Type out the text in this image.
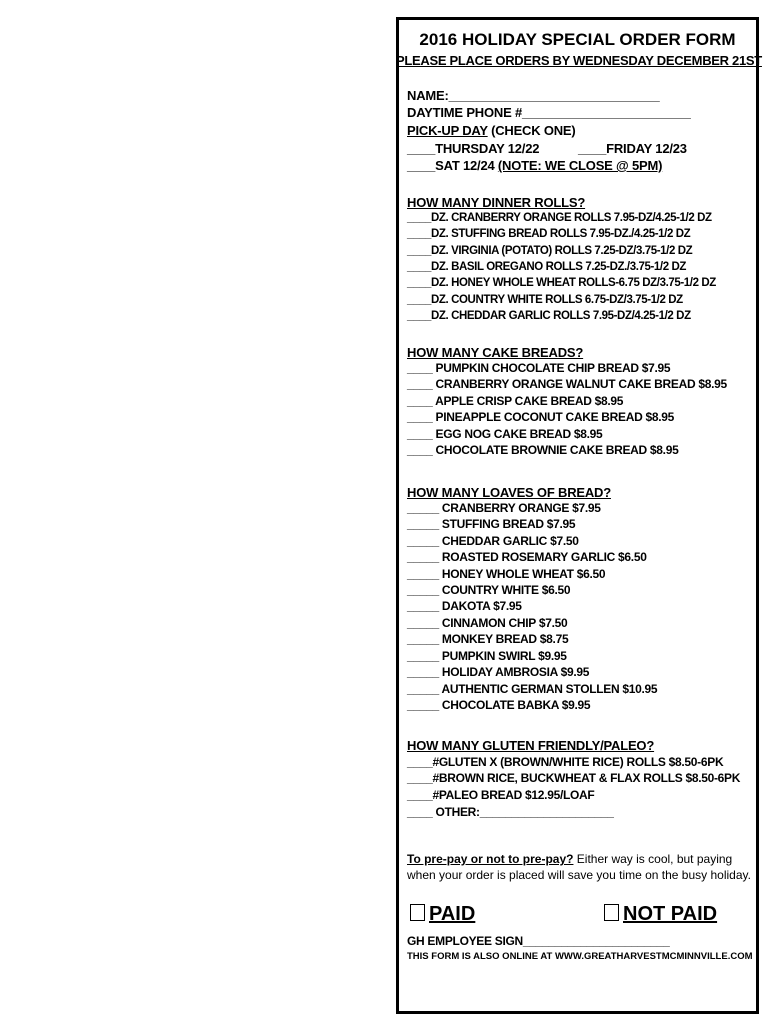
2016 HOLIDAY SPECIAL ORDER FORM
PLEASE PLACE ORDERS BY WEDNESDAY DECEMBER 21ST
NAME:______________________________
DAYTIME PHONE #________________________
PICK-UP DAY (CHECK ONE)
____THURSDAY 12/22	____FRIDAY 12/23
____SAT 12/24 (NOTE: WE CLOSE @ 5PM)
HOW MANY DINNER ROLLS?
____DZ. CRANBERRY ORANGE ROLLS 7.95-DZ/4.25-1/2 DZ
____DZ. STUFFING BREAD ROLLS 7.95-DZ./4.25-1/2 DZ
____DZ. VIRGINIA (POTATO) ROLLS 7.25-DZ/3.75-1/2 DZ
____DZ. BASIL OREGANO ROLLS 7.25-DZ./3.75-1/2 DZ
____DZ. HONEY WHOLE WHEAT ROLLS-6.75 DZ/3.75-1/2 DZ
____DZ. COUNTRY WHITE ROLLS 6.75-DZ/3.75-1/2 DZ
____DZ. CHEDDAR GARLIC ROLLS 7.95-DZ/4.25-1/2 DZ
HOW MANY CAKE BREADS?
____ PUMPKIN CHOCOLATE CHIP BREAD $7.95
____ CRANBERRY ORANGE WALNUT CAKE BREAD $8.95
____ APPLE CRISP CAKE BREAD $8.95
____ PINEAPPLE COCONUT CAKE BREAD $8.95
____ EGG NOG CAKE BREAD $8.95
____ CHOCOLATE BROWNIE CAKE BREAD $8.95
HOW MANY LOAVES OF BREAD?
_____ CRANBERRY ORANGE $7.95
_____ STUFFING BREAD $7.95
_____ CHEDDAR GARLIC $7.50
_____ ROASTED ROSEMARY GARLIC $6.50
_____ HONEY WHOLE WHEAT $6.50
_____ COUNTRY WHITE $6.50
_____ DAKOTA $7.95
_____ CINNAMON CHIP $7.50
_____ MONKEY BREAD $8.75
_____ PUMPKIN SWIRL $9.95
_____ HOLIDAY AMBROSIA $9.95
_____ AUTHENTIC GERMAN STOLLEN $10.95
_____ CHOCOLATE BABKA $9.95
HOW MANY GLUTEN FRIENDLY/PALEO?
____#GLUTEN X (BROWN/WHITE RICE) ROLLS $8.50-6PK
____#BROWN RICE, BUCKWHEAT & FLAX ROLLS $8.50-6PK
____#PALEO BREAD $12.95/LOAF
____ OTHER:_____________________
To pre-pay or not to pre-pay? Either way is cool, but paying when your order is placed will save you time on the busy holiday.
PAID	NOT PAID
GH EMPLOYEE SIGN_______________________
THIS FORM IS ALSO ONLINE AT WWW.GREATHARVESTMCMINNVILLE.COM
